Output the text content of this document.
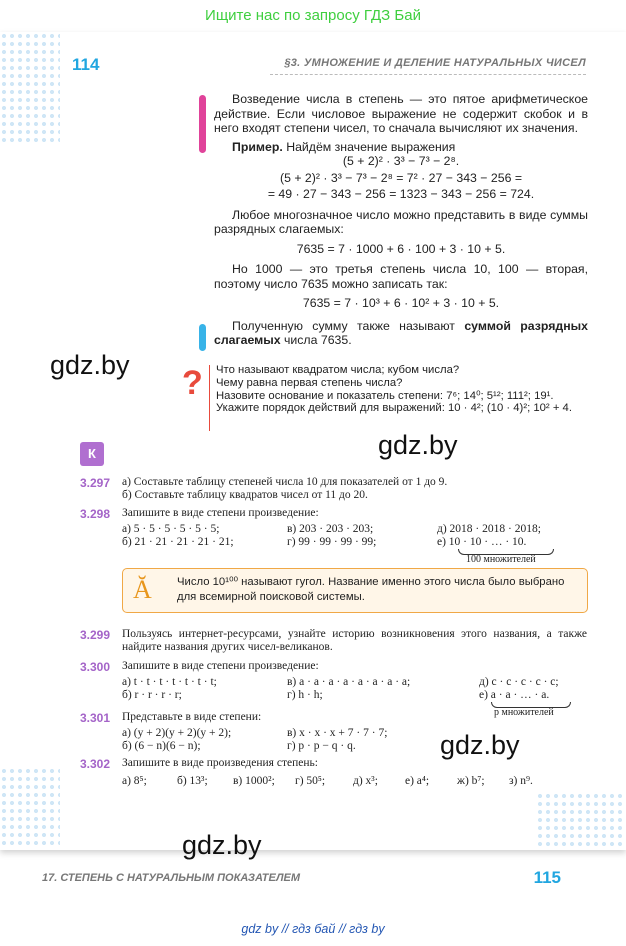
Ищите нас по запросу ГДЗ Бай
114	§3. УМНОЖЕНИЕ И ДЕЛЕНИЕ НАТУРАЛЬНЫХ ЧИСЕЛ

Возведение числа в степень — это пятое арифметическое действие. Если числовое выражение не содержит скобок и в него входят степени чисел, то сначала вычисляют их значения.

Пример. Найдём значение выражения

(5 + 2)² · 3³ − 7³ − 2⁸.

(5 + 2)² · 3³ − 7³ − 2⁸ = 7² · 27 − 343 − 256 =

= 49 · 27 − 343 − 256 = 1323 − 343 − 256 = 724.

Любое многозначное число можно представить в виде суммы разрядных слагаемых:

7635 = 7 · 1000 + 6 · 100 + 3 · 10 + 5.

Но 1000 — это третья степень числа 10, 100 — вторая, поэтому число 7635 можно записать так:

7635 = 7 · 10³ + 6 · 10² + 3 · 10 + 5.

Полученную сумму также называют суммой разрядных слагаемых числа 7635.

gdz.by ? Что называют квадратом числа; кубом числа?
Чему равна первая степень числа?
Назовите основание и показатель степени: 7⁶; 14⁰; 5¹²; 111²; 19¹.
Укажите порядок действий для выражений: 10 · 4²; (10 · 4)²; 10² + 4.
gdz.by
К
3.297 а) Составьте таблицу степеней числа 10 для показателей от 1 до 9.
б) Составьте таблицу квадратов чисел от 11 до 20.
3.298 Запишите в виде степени произведение:
а) 5 · 5 · 5 · 5 · 5 · 5;
б) 21 · 21 · 21 · 21 · 21;
в) 203 · 203 · 203;
г) 99 · 99 · 99 · 99;
д) 2018 · 2018 · 2018;
е) 10 · 10 · … · 10.
100 множителей
Ă Число 10¹⁰⁰ называют гугол. Название именно этого числа было выбрано для всемирной поисковой системы.
3.299 Пользуясь интернет-ресурсами, узнайте историю возникновения этого названия, а также найдите названия других чисел-великанов.
3.300 Запишите в виде степени произведение:
а) t · t · t · t · t · t · t;
б) r · r · r · r;
в) a · a · a · a · a · a · a · a;
г) h · h;
д) c · c · c · c · c;
е) a · a · … · a.
p множителей
3.301 Представьте в виде степени:
а) (y + 2)(y + 2)(y + 2);
б) (6 − n)(6 − n);
в) x · x · x + 7 · 7 · 7;
г) p · p − q · q.	gdz.by
3.302 Запишите в виде произведения степень:
а) 8⁵;	б) 13³;	в) 1000²;	г) 50⁵;	д) x³;	е) a⁴;	ж) b⁷;	з) n⁹.
gdz.by
17. СТЕПЕНЬ С НАТУРАЛЬНЫМ ПОКАЗАТЕЛЕМ	115
gdz by // гдз бай // гдз by
